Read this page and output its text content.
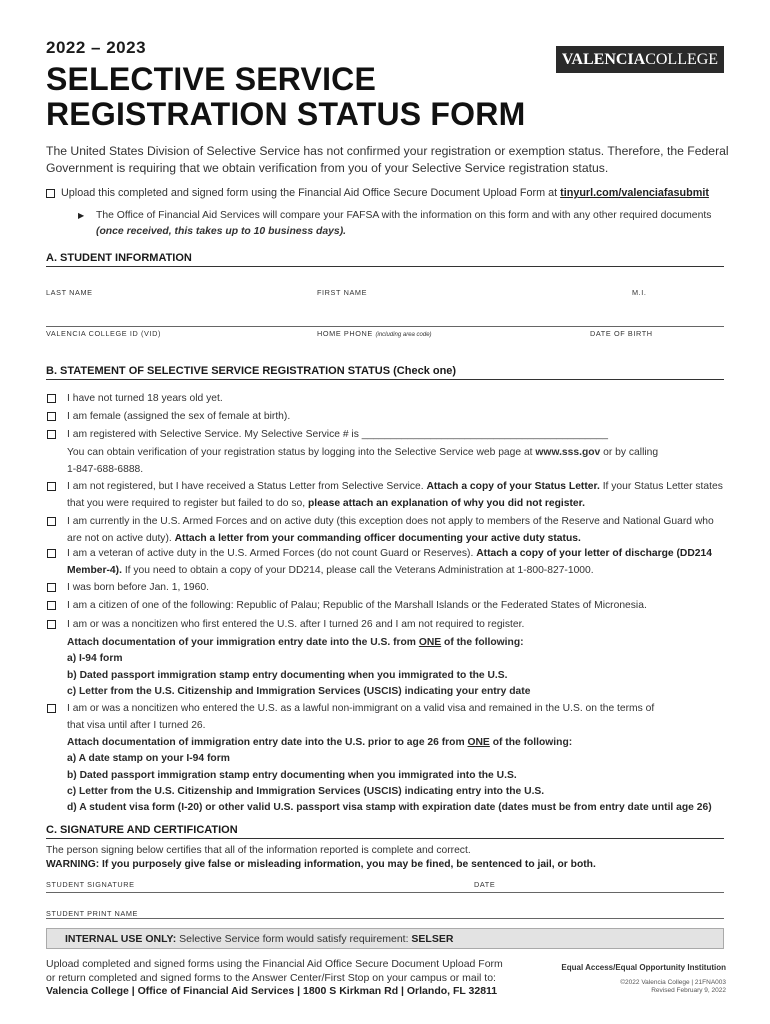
2022 – 2023
SELECTIVE SERVICE
REGISTRATION STATUS FORM
VALENCIA COLLEGE
The United States Division of Selective Service has not confirmed your registration or exemption status. Therefore, the Federal Government is requiring that we obtain verification from you of your Selective Service registration status.
Upload this completed and signed form using the Financial Aid Office Secure Document Upload Form at tinyurl.com/valenciafasubmit
▶	The Office of Financial Aid Services will compare your FAFSA with the information on this form and with any other required documents (once received, this takes up to 10 business days).
A. STUDENT INFORMATION
LAST NAME	FIRST NAME	M.I.
VALENCIA COLLEGE ID (VID)	HOME PHONE (including area code)	DATE OF BIRTH
B. STATEMENT OF SELECTIVE SERVICE REGISTRATION STATUS (Check one)
I have not turned 18 years old yet.
I am female (assigned the sex of female at birth).
I am registered with Selective Service. My Selective Service # is ___________________________________________
You can obtain verification of your registration status by logging into the Selective Service web page at www.sss.gov or by calling 1-847-688-6888.
I am not registered, but I have received a Status Letter from Selective Service. Attach a copy of your Status Letter. If your Status Letter states that you were required to register but failed to do so, please attach an explanation of why you did not register.
I am currently in the U.S. Armed Forces and on active duty (this exception does not apply to members of the Reserve and National Guard who are not on active duty). Attach a letter from your commanding officer documenting your active duty status.
I am a veteran of active duty in the U.S. Armed Forces (do not count Guard or Reserves). Attach a copy of your letter of discharge (DD214 Member-4). If you need to obtain a copy of your DD214, please call the Veterans Administration at 1-800-827-1000.
I was born before Jan. 1, 1960.
I am a citizen of one of the following: Republic of Palau; Republic of the Marshall Islands or the Federated States of Micronesia.
I am or was a noncitizen who first entered the U.S. after I turned 26 and I am not required to register.
Attach documentation of your immigration entry date into the U.S. from ONE of the following:
a) I-94 form
b) Dated passport immigration stamp entry documenting when you immigrated to the U.S.
c) Letter from the U.S. Citizenship and Immigration Services (USCIS) indicating your entry date
I am or was a noncitizen who entered the U.S. as a lawful non-immigrant on a valid visa and remained in the U.S. on the terms of that visa until after I turned 26.
Attach documentation of immigration entry date into the U.S. prior to age 26 from ONE of the following:
a) A date stamp on your I-94 form
b) Dated passport immigration stamp entry documenting when you immigrated into the U.S.
c) Letter from the U.S. Citizenship and Immigration Services (USCIS) indicating entry into the U.S.
d) A student visa form (I-20) or other valid U.S. passport visa stamp with expiration date (dates must be from entry date until age 26)
C. SIGNATURE AND CERTIFICATION
The person signing below certifies that all of the information reported is complete and correct.
WARNING: If you purposely give false or misleading information, you may be fined, be sentenced to jail, or both.
STUDENT SIGNATURE	DATE
STUDENT PRINT NAME
INTERNAL USE ONLY: Selective Service form would satisfy requirement: SELSER
Upload completed and signed forms using the Financial Aid Office Secure Document Upload Form
or return completed and signed forms to the Answer Center/First Stop on your campus or mail to:
Valencia College | Office of Financial Aid Services | 1800 S Kirkman Rd | Orlando, FL 32811
Equal Access/Equal Opportunity Institution
©2022 Valencia College | 21FNA003
Revised February 9, 2022
